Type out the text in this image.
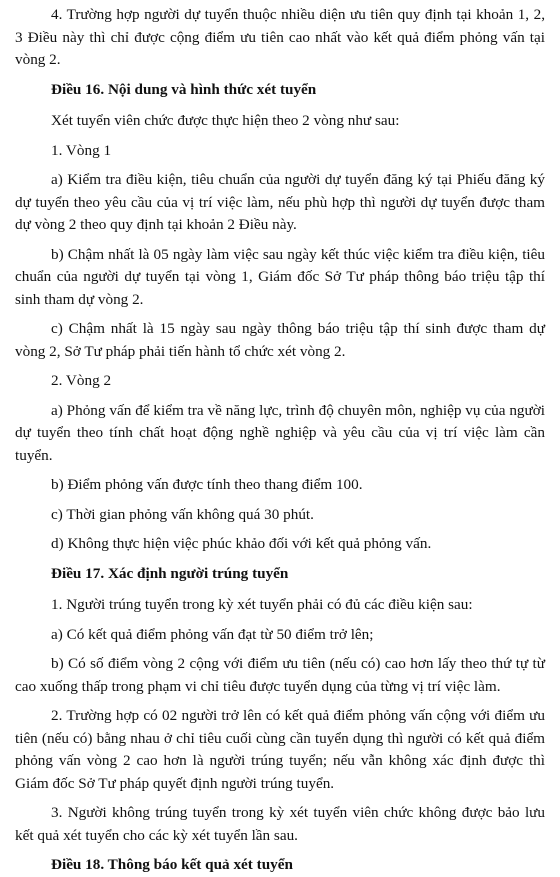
4. Trường hợp người dự tuyển thuộc nhiều diện ưu tiên quy định tại khoản 1, 2, 3 Điều này thì chỉ được cộng điểm ưu tiên cao nhất vào kết quả điểm phỏng vấn tại vòng 2.

Điều 16. Nội dung và hình thức xét tuyển

Xét tuyển viên chức được thực hiện theo 2 vòng như sau:

1. Vòng 1

a) Kiểm tra điều kiện, tiêu chuẩn của người dự tuyển đăng ký tại Phiếu đăng ký dự tuyển theo yêu cầu của vị trí việc làm, nếu phù hợp thì người dự tuyển được tham dự vòng 2 theo quy định tại khoản 2 Điều này.

b) Chậm nhất là 05 ngày làm việc sau ngày kết thúc việc kiểm tra điều kiện, tiêu chuẩn của người dự tuyển tại vòng 1, Giám đốc Sở Tư pháp thông báo triệu tập thí sinh tham dự vòng 2.

c) Chậm nhất là 15 ngày sau ngày thông báo triệu tập thí sinh được tham dự vòng 2, Sở Tư pháp phải tiến hành tổ chức xét vòng 2.

2. Vòng 2

a) Phỏng vấn để kiểm tra về năng lực, trình độ chuyên môn, nghiệp vụ của người dự tuyển theo tính chất hoạt động nghề nghiệp và yêu cầu của vị trí việc làm cần tuyển.

b) Điểm phỏng vấn được tính theo thang điểm 100.

c) Thời gian phỏng vấn không quá 30 phút.

d) Không thực hiện việc phúc khảo đối với kết quả phỏng vấn.

Điều 17. Xác định người trúng tuyển

1. Người trúng tuyển trong kỳ xét tuyển phải có đủ các điều kiện sau:

a) Có kết quả điểm phỏng vấn đạt từ 50 điểm trở lên;

b) Có số điểm vòng 2 cộng với điểm ưu tiên (nếu có) cao hơn lấy theo thứ tự từ cao xuống thấp trong phạm vi chỉ tiêu được tuyển dụng của từng vị trí việc làm.

2. Trường hợp có 02 người trở lên có kết quả điểm phỏng vấn cộng với điểm ưu tiên (nếu có) bằng nhau ở chỉ tiêu cuối cùng cần tuyển dụng thì người có kết quả điểm phỏng vấn vòng 2 cao hơn là người trúng tuyển; nếu vẫn không xác định được thì Giám đốc Sở Tư pháp quyết định người trúng tuyển.

3. Người không trúng tuyển trong kỳ xét tuyển viên chức không được bảo lưu kết quả xét tuyển cho các kỳ xét tuyển lần sau.

Điều 18. Thông báo kết quả xét tuyển
